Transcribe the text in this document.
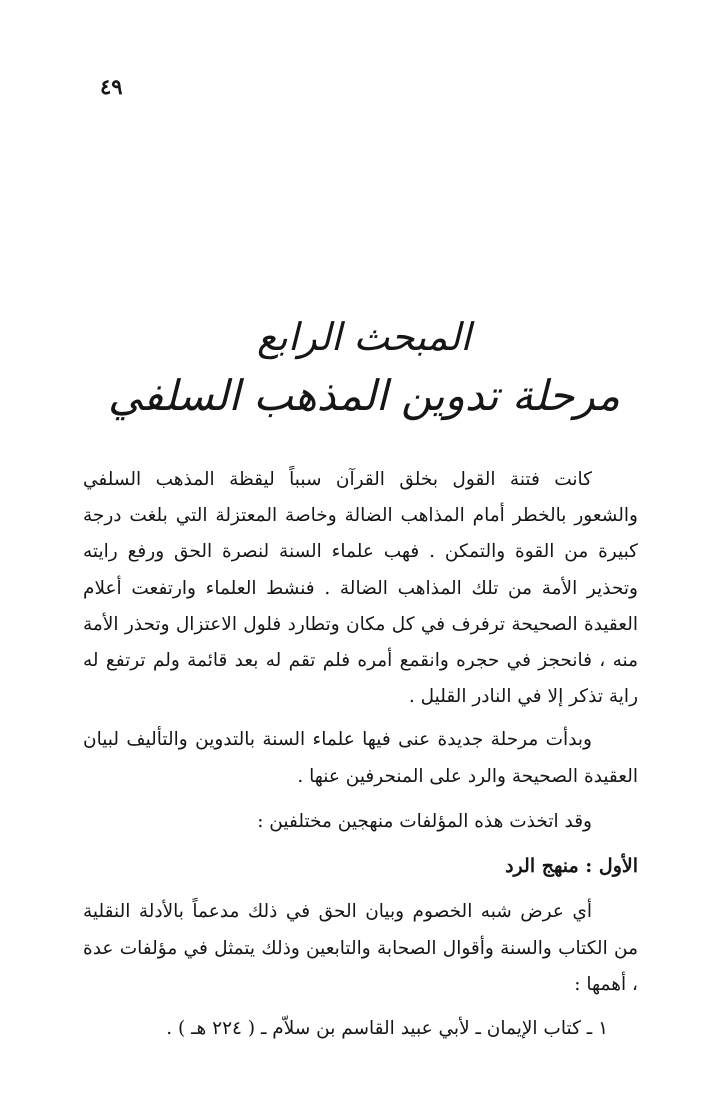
٤٩
المبحث الرابع
مرحلة تدوين المذهب السلفي

كانت فتنة القول بخلق القرآن سبباً ليقظة المذهب السلفي والشعور بالخطر أمام المذاهب الضالة وخاصة المعتزلة التي بلغت درجة كبيرة من القوة والتمكن . فهب علماء السنة لنصرة الحق ورفع رايته وتحذير الأمة من تلك المذاهب الضالة . فنشط العلماء وارتفعت أعلام العقيدة الصحيحة ترفرف في كل مكان وتطارد فلول الاعتزال وتحذر الأمة منه ، فانحجز في حجره وانقمع أمره فلم تقم له بعد قائمة ولم ترتفع له راية تذكر إلا في النادر القليل .

وبدأت مرحلة جديدة عنى فيها علماء السنة بالتدوين والتأليف لبيان العقيدة الصحيحة والرد على المنحرفين عنها .

وقد اتخذت هذه المؤلفات منهجين مختلفين :

الأول : منهج الرد

أي عرض شبه الخصوم وبيان الحق في ذلك مدعماً بالأدلة النقلية من الكتاب والسنة وأقوال الصحابة والتابعين وذلك يتمثل في مؤلفات عدة ، أهمها :

١ ـ كتاب الإيمان ـ لأبي عبيد القاسم بن سلاّم ـ ( ٢٢٤ هـ ) .
